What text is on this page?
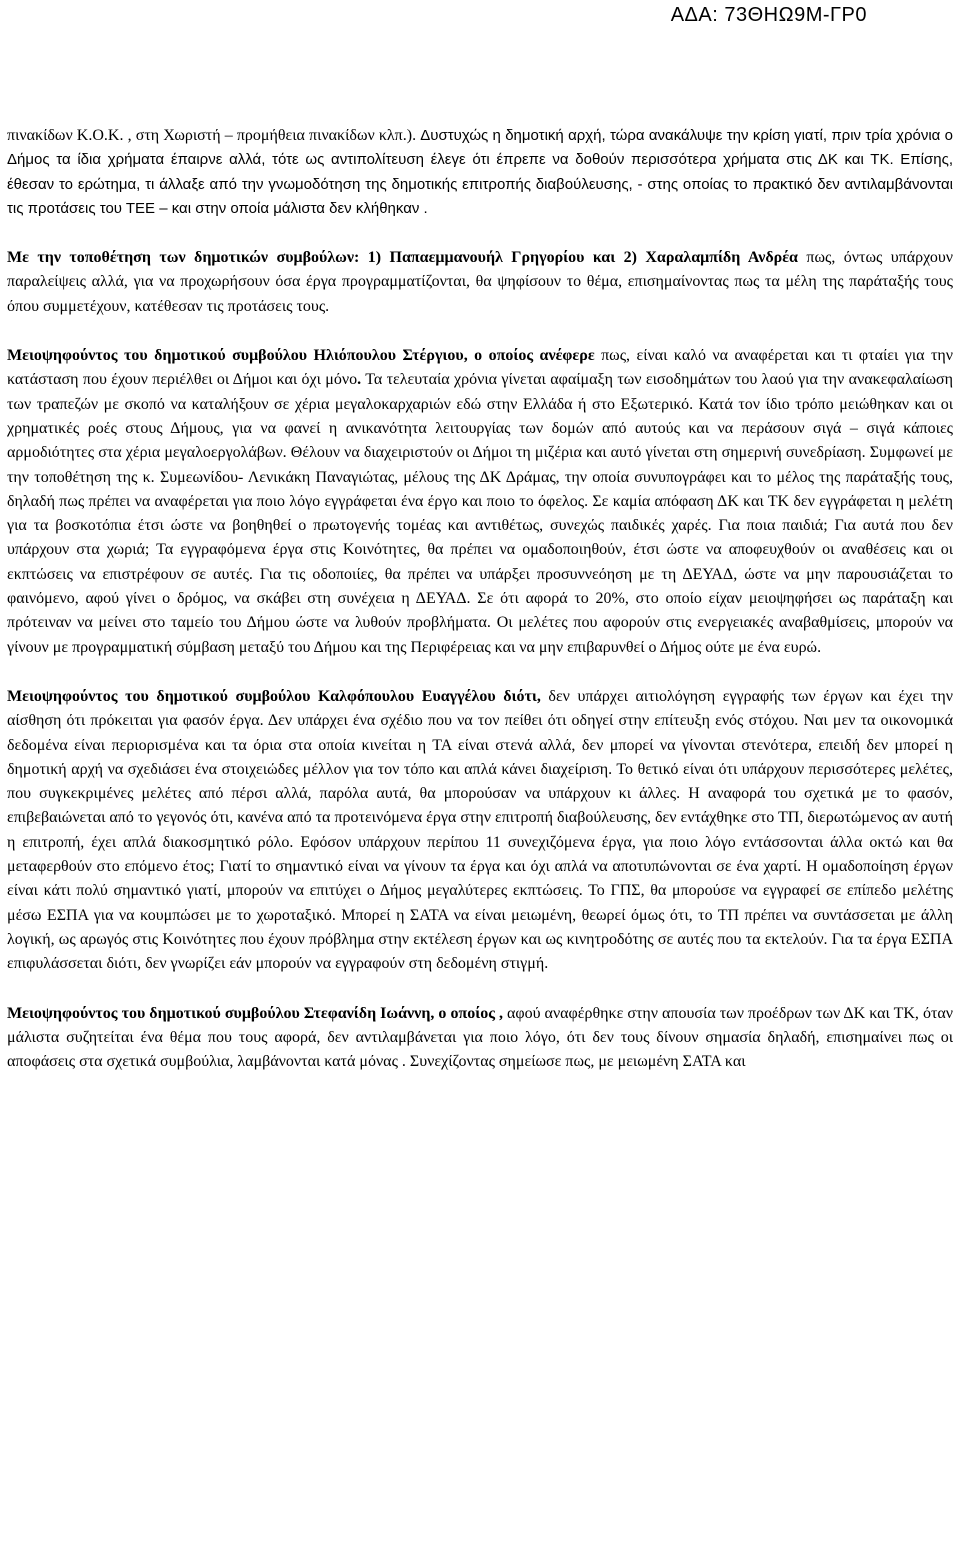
ΑΔΑ: 73ΘΗΩ9Μ-ΓΡ0

πινακίδων Κ.Ο.Κ. , στη Χωριστή – προμήθεια πινακίδων κλπ.). Δυστυχώς η δημοτική αρχή, τώρα ανακάλυψε την κρίση γιατί, πριν τρία χρόνια ο Δήμος τα ίδια χρήματα έπαιρνε αλλά, τότε ως αντιπολίτευση έλεγε ότι έπρεπε να δοθούν περισσότερα χρήματα στις ΔΚ και ΤΚ. Επίσης, έθεσαν το ερώτημα, τι άλλαξε από την γνωμοδότηση της δημοτικής επιτροπής διαβούλευσης, - στης οποίας το πρακτικό δεν αντιλαμβάνονται τις προτάσεις του ΤΕΕ – και στην οποία μάλιστα δεν κλήθηκαν .

Με την τοποθέτηση των δημοτικών συμβούλων: 1) Παπαεμμανουήλ Γρηγορίου και 2) Χαραλαμπίδη Ανδρέα πως, όντως υπάρχουν παραλείψεις αλλά, για να προχωρήσουν όσα έργα προγραμματίζονται, θα ψηφίσουν το θέμα, επισημαίνοντας πως τα μέλη της παράταξής τους όπου συμμετέχουν, κατέθεσαν τις προτάσεις τους.

Μειοψηφούντος του δημοτικού συμβούλου Ηλιόπουλου Στέργιου, ο οποίος ανέφερε πως, είναι καλό να αναφέρεται και τι φταίει για την κατάσταση που έχουν περιέλθει οι Δήμοι και όχι μόνο. Τα τελευταία χρόνια γίνεται αφαίμαξη των εισοδημάτων του λαού για την ανακεφαλαίωση των τραπεζών με σκοπό να καταλήξουν σε χέρια μεγαλοκαρχαριών εδώ στην Ελλάδα ή στο Εξωτερικό. Κατά τον ίδιο τρόπο μειώθηκαν και οι χρηματικές ροές στους Δήμους, για να φανεί η ανικανότητα λειτουργίας των δομών από αυτούς και να περάσουν σιγά – σιγά κάποιες αρμοδιότητες στα χέρια μεγαλοεργολάβων. Θέλουν να διαχειριστούν οι Δήμοι τη μιζέρια και αυτό γίνεται στη σημερινή συνεδρίαση. Συμφωνεί με την τοποθέτηση της κ. Συμεωνίδου- Λενικάκη Παναγιώτας, μέλους της ΔΚ Δράμας, την οποία συνυπογράφει και το μέλος της παράταξής τους, δηλαδή πως πρέπει να αναφέρεται για ποιο λόγο εγγράφεται ένα έργο και ποιο το όφελος. Σε καμία απόφαση ΔΚ και ΤΚ δεν εγγράφεται η μελέτη για τα βοσκοτόπια έτσι ώστε να βοηθηθεί ο πρωτογενής τομέας και αντιθέτως, συνεχώς παιδικές χαρές. Για ποια παιδιά; Για αυτά που δεν υπάρχουν στα χωριά; Τα εγγραφόμενα έργα στις Κοινότητες, θα πρέπει να ομαδοποιηθούν, έτσι ώστε να αποφευχθούν οι αναθέσεις και οι εκπτώσεις να επιστρέφουν σε αυτές. Για τις οδοποιίες, θα πρέπει να υπάρξει προσυννεόηση με τη ΔΕΥΑΔ, ώστε να μην παρουσιάζεται το φαινόμενο, αφού γίνει ο δρόμος, να σκάβει στη συνέχεια η ΔΕΥΑΔ. Σε ότι αφορά το 20%, στο οποίο είχαν μειοψηφήσει ως παράταξη και πρότειναν να μείνει στο ταμείο του Δήμου ώστε να λυθούν προβλήματα. Οι μελέτες που αφορούν στις ενεργειακές αναβαθμίσεις, μπορούν να γίνουν με προγραμματική σύμβαση μεταξύ του Δήμου και της Περιφέρειας και να μην επιβαρυνθεί ο Δήμος ούτε με ένα ευρώ.

Μειοψηφούντος του δημοτικού συμβούλου Καλφόπουλου Ευαγγέλου διότι, δεν υπάρχει αιτιολόγηση εγγραφής των έργων και έχει την αίσθηση ότι πρόκειται για φασόν έργα. Δεν υπάρχει ένα σχέδιο που να τον πείθει ότι οδηγεί στην επίτευξη ενός στόχου. Ναι μεν τα οικονομικά δεδομένα είναι περιορισμένα και τα όρια στα οποία κινείται η ΤΑ είναι στενά αλλά, δεν μπορεί να γίνονται στενότερα, επειδή δεν μπορεί η δημοτική αρχή να σχεδιάσει ένα στοιχειώδες μέλλον για τον τόπο και απλά κάνει διαχείριση. Το θετικό είναι ότι υπάρχουν περισσότερες μελέτες, που συγκεκριμένες μελέτες από πέρσι αλλά, παρόλα αυτά, θα μπορούσαν να υπάρχουν κι άλλες. Η αναφορά του σχετικά με το φασόν, επιβεβαιώνεται από το γεγονός ότι, κανένα από τα προτεινόμενα έργα στην επιτροπή διαβούλευσης, δεν εντάχθηκε στο ΤΠ, διερωτώμενος αν αυτή η επιτροπή, έχει απλά διακοσμητικό ρόλο. Εφόσον υπάρχουν περίπου 11 συνεχιζόμενα έργα, για ποιο λόγο εντάσσονται άλλα οκτώ και θα μεταφερθούν στο επόμενο έτος; Γιατί το σημαντικό είναι να γίνουν τα έργα και όχι απλά να αποτυπώνονται σε ένα χαρτί. Η ομαδοποίηση έργων είναι κάτι πολύ σημαντικό γιατί, μπορούν να επιτύχει ο Δήμος μεγαλύτερες εκπτώσεις. Το ΓΠΣ, θα μπορούσε να εγγραφεί σε επίπεδο μελέτης μέσω ΕΣΠΑ για να κουμπώσει με το χωροταξικό. Μπορεί η ΣΑΤΑ να είναι μειωμένη, θεωρεί όμως ότι, το ΤΠ πρέπει να συντάσσεται με άλλη λογική, ως αρωγός στις Κοινότητες που έχουν πρόβλημα στην εκτέλεση έργων και ως κινητροδότης σε αυτές που τα εκτελούν. Για τα έργα ΕΣΠΑ επιφυλάσσεται διότι, δεν γνωρίζει εάν μπορούν να εγγραφούν στη δεδομένη στιγμή.

Μειοψηφούντος του δημοτικού συμβούλου Στεφανίδη Ιωάννη, ο οποίος , αφού αναφέρθηκε στην απουσία των προέδρων των ΔΚ και ΤΚ, όταν μάλιστα συζητείται ένα θέμα που τους αφορά, δεν αντιλαμβάνεται για ποιο λόγο, ότι δεν τους δίνουν σημασία δηλαδή, επισημαίνει πως οι αποφάσεις στα σχετικά συμβούλια, λαμβάνονται κατά μόνας . Συνεχίζοντας σημείωσε πως, με μειωμένη ΣΑΤΑ και
